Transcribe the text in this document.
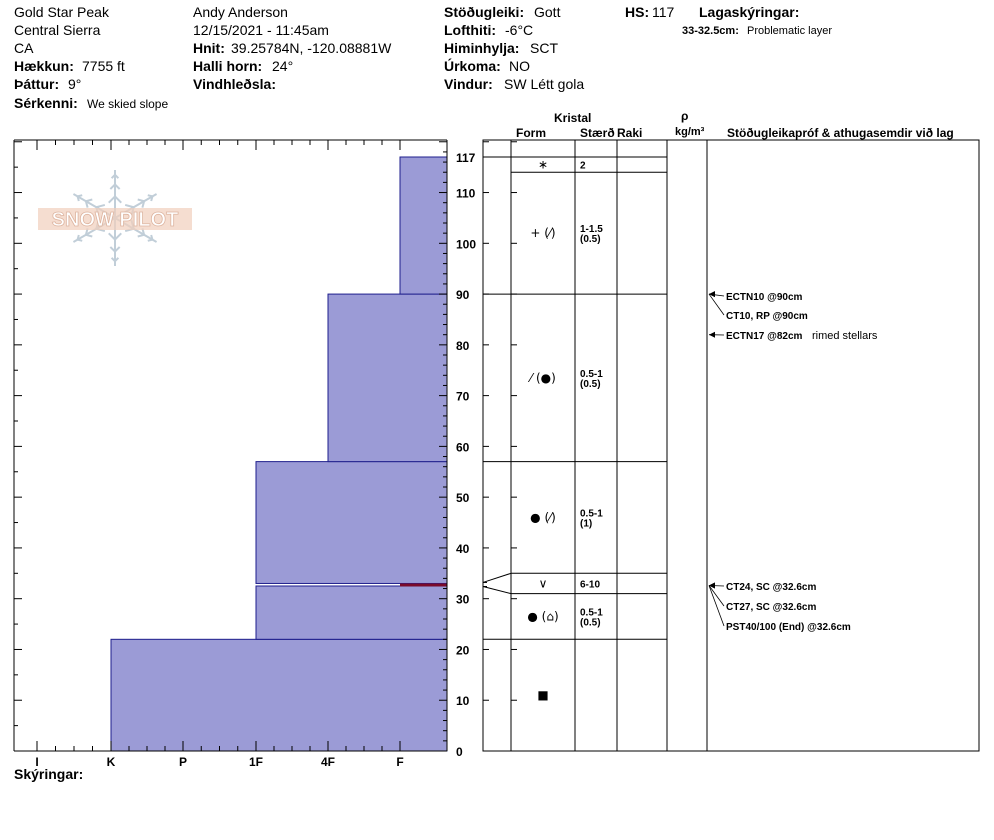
Gold Star Peak
Central Sierra
CA
Hækkun: 7755 ft
Þáttur: 9°
Sérkenni: We skied slope
Andy Anderson
12/15/2021 - 11:45am
Hnit: 39.25784N, -120.08881W
Halli horn: 24°
Vindhleðsla:
Stöðugleiki: Gott
Lofthiti: -6°C
Himinhylja: SCT
Úrkoma: NO
Vindur: SW Létt gola
HS: 117 Lagaskýringar:
33-32.5cm: Problematic layer
Kristal
Form	Stærð Raki
ρ
kg/m³ Stöðugleikapróf & athugasemdir við lag
Skýringar:
SNOW PILOT
I	K	P	1F	4F	F
0
10
20
30
40
50
60
70
80
90
100
110
117	∗	2
+ (⁄) 1-1.5
(0.5)
⁄ (●) 0.5-1
(0.5)
● (⁄) 0.5-1
(1)
∨	6-10
● (⌂) 0.5-1
(0.5)
■
ECTN10 @90cm
CT10, RP @90cm
ECTN17 @82cm rimed stellars
CT24, SC @32.6cm
CT27, SC @32.6cm
PST40/100 (End) @32.6cm
